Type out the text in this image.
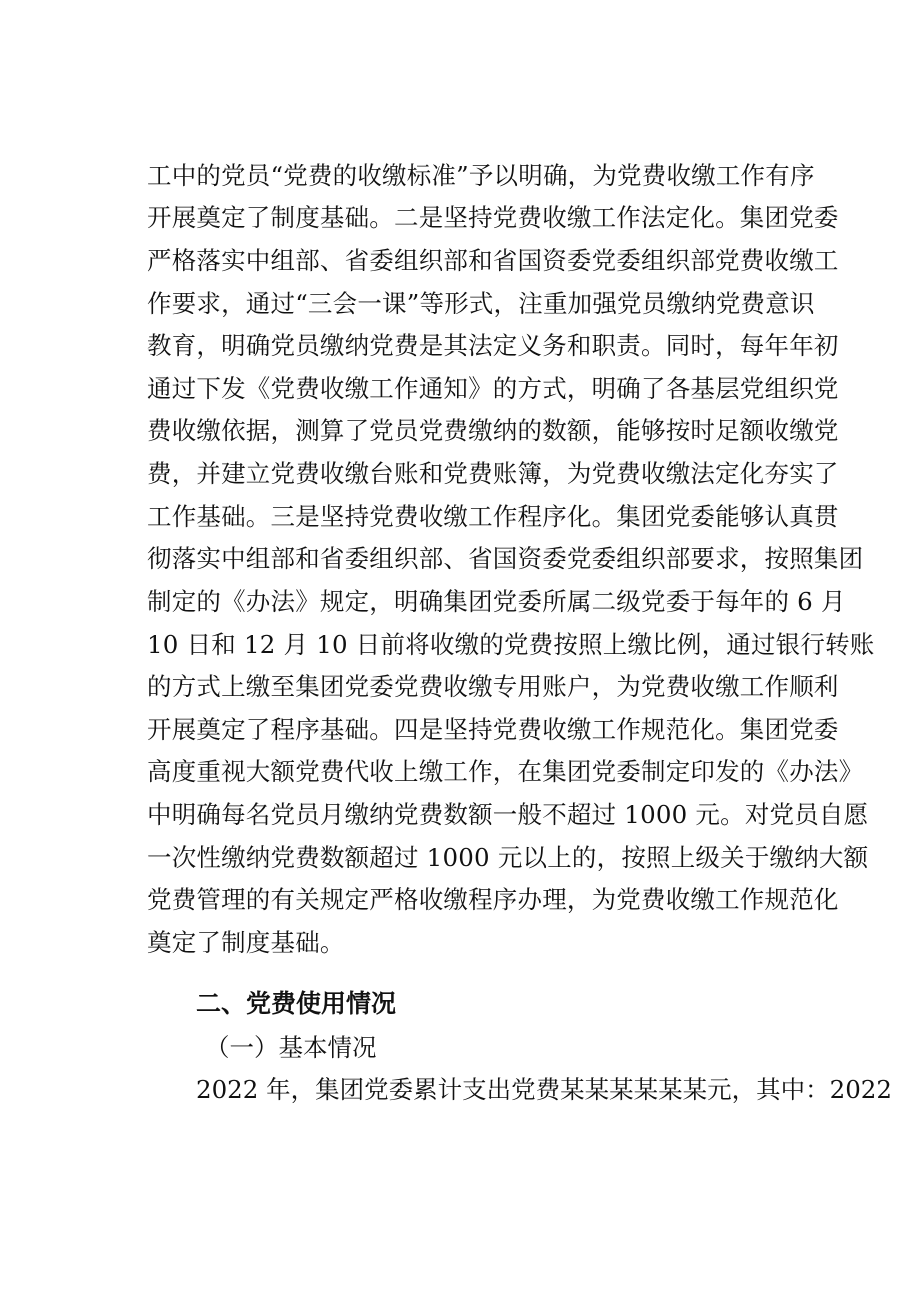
工中的党员“党费的收缴标准”予以明确，为党费收缴工作有序
开展奠定了制度基础。二是坚持党费收缴工作法定化。集团党委
严格落实中组部、省委组织部和省国资委党委组织部党费收缴工
作要求，通过“三会一课”等形式，注重加强党员缴纳党费意识
教育，明确党员缴纳党费是其法定义务和职责。同时，每年年初
通过下发《党费收缴工作通知》的方式，明确了各基层党组织党
费收缴依据，测算了党员党费缴纳的数额，能够按时足额收缴党
费，并建立党费收缴台账和党费账簿，为党费收缴法定化夯实了
工作基础。三是坚持党费收缴工作程序化。集团党委能够认真贯
彻落实中组部和省委组织部、省国资委党委组织部要求，按照集团
制定的《办法》规定，明确集团党委所属二级党委于每年的 6 月
10 日和 12 月 10 日前将收缴的党费按照上缴比例，通过银行转账
的方式上缴至集团党委党费收缴专用账户，为党费收缴工作顺利
开展奠定了程序基础。四是坚持党费收缴工作规范化。集团党委
高度重视大额党费代收上缴工作，在集团党委制定印发的《办法》
中明确每名党员月缴纳党费数额一般不超过 1000 元。对党员自愿
一次性缴纳党费数额超过 1000 元以上的，按照上级关于缴纳大额
党费管理的有关规定严格收缴程序办理，为党费收缴工作规范化
奠定了制度基础。
二、党费使用情况
（一）基本情况
2022 年，集团党委累计支出党费某某某某某某元，其中：2022
